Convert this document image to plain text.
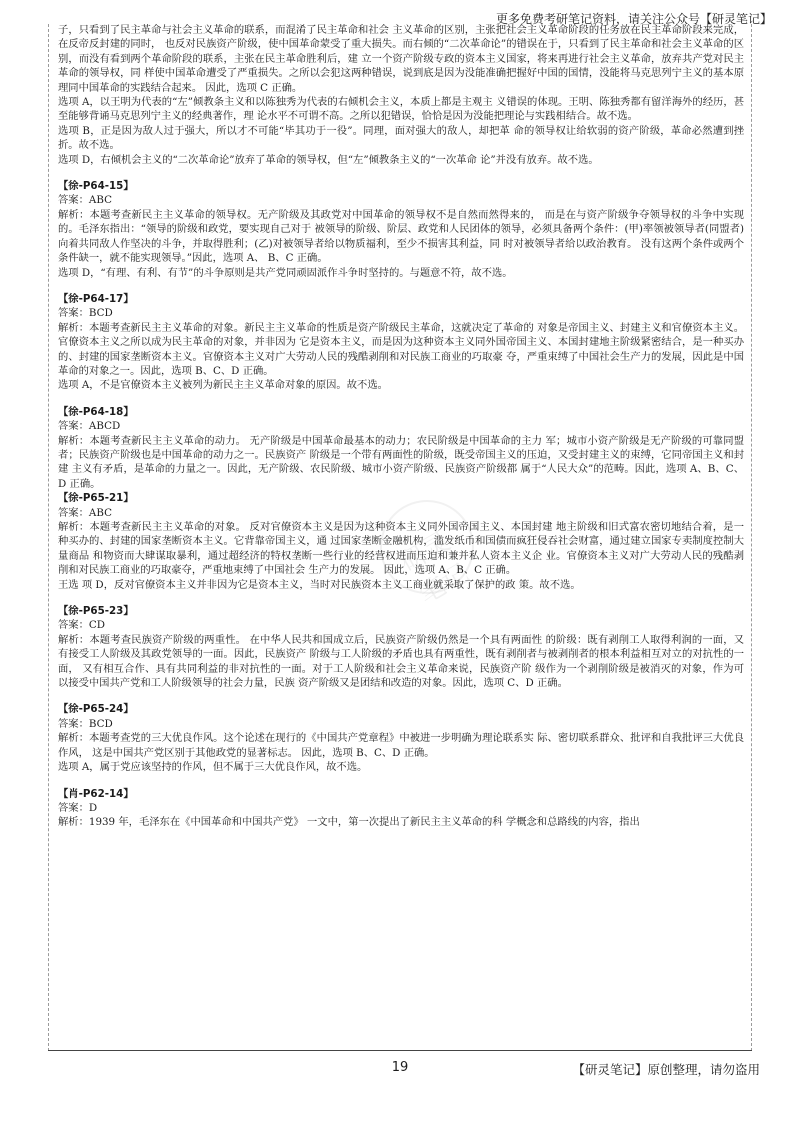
更多免费考研笔记资料，请关注公众号【研灵笔记】
研灵笔记

子，只看到了民主革命与社会主义革命的联系，而混淆了民主革命和社会 主义革命的区别，主张把社会主义革命阶段的任务放在民主革命阶段来完成，在反帝反封建的同时， 也反对民族资产阶级，使中国革命蒙受了重大损失。而右倾的“二次革命论”的错误在于，只看到了民主革命和社会主义革命的区别，而没有看到两个革命阶段的联系，主张在民主革命胜利后，建 立一个资产阶级专政的资本主义国家，将来再进行社会主义革命，放弃共产党对民主革命的领导权，同 样使中国革命遭受了严重损失。之所以会犯这两种错误，说到底是因为没能准确把握好中国的国情，没能将马克思列宁主义的基本原理同中国革命的实践结合起来。 因此，选项 C 正确。

选项 A，以王明为代表的“左”倾教条主义和以陈独秀为代表的右倾机会主义，本质上都是主观主 义错误的体现。王明、陈独秀都有留洋海外的经历，甚至能够背诵马克思列宁主义的经典著作，理 论水平不可谓不高。之所以犯错误，恰恰是因为没能把理论与实践相结合。故不选。

选项 B，正是因为敌人过于强大，所以才不可能“毕其功于一役”。同理，面对强大的敌人，却把革 命的领导权让给软弱的资产阶级，革命必然遭到挫折。故不选。

选项 D，右倾机会主义的“二次革命论”放弃了革命的领导权，但“左”倾教条主义的“一次革命 论”并没有放弃。故不选。

【徐-P64-15】

答案：ABC

解析：本题考查新民主主义革命的领导权。无产阶级及其政党对中国革命的领导权不是自然而然得来的， 而是在与资产阶级争夺领导权的斗争中实现的。毛泽东指出：“领导的阶级和政党，要实现自己对于 被领导的阶级、阶层、政党和人民团体的领导，必须具备两个条件：(甲)率领被领导者(同盟者) 向着共同敌人作坚决的斗争，并取得胜利；(乙)对被领导者给以物质福利，至少不损害其利益，同 时对被领导者给以政治教育。 没有这两个条件或两个条件缺一，就不能实现领导。”因此，选项 A、 B、C 正确。

选项 D，“有理、有利、有节”的斗争原则是共产党同顽固派作斗争时坚持的。与题意不符，故不选。

【徐-P64-17】

答案：BCD

解析：本题考查新民主主义革命的对象。新民主主义革命的性质是资产阶级民主革命，这就决定了革命的 对象是帝国主义、封建主义和官僚资本主义。 官僚资本主义之所以成为民主革命的对象，并非因为 它是资本主义，而是因为这种资本主义同外国帝国主义、本国封建地主阶级紧密结合，是一种买办 的、封建的国家垄断资本主义。官僚资本主义对广大劳动人民的残酷剥削和对民族工商业的巧取豪 夺，严重束缚了中国社会生产力的发展，因此是中国革命的对象之一。因此，选项 B、C、D 正确。

选项 A，不是官僚资本主义被列为新民主主义革命对象的原因。故不选。

【徐-P64-18】

答案：ABCD

解析：本题考查新民主主义革命的动力。 无产阶级是中国革命最基本的动力；农民阶级是中国革命的主力 军；城市小资产阶级是无产阶级的可靠同盟者；民族资产阶级也是中国革命的动力之一。民族资产 阶级是一个带有两面性的阶级，既受帝国主义的压迫，又受封建主义的束缚，它同帝国主义和封建 主义有矛盾，是革命的力量之一。因此，无产阶级、农民阶级、城市小资产阶级、民族资产阶级都 属于“人民大众”的范畴。因此，选项 A、B、C、D 正确。

【徐-P65-21】

答案：ABC

解析：本题考查新民主主义革命的对象。 反对官僚资本主义是因为这种资本主义同外国帝国主义、本国封建 地主阶级和旧式富农密切地结合着，是一种买办的、封建的国家垄断资本主义。它背靠帝国主义，通 过国家垄断金融机构，滥发纸币和国债而疯狂侵吞社会财富，通过建立国家专卖制度控制大量商品 和物资而大肆谋取暴利，通过超经济的特权垄断一些行业的经营权进而压迫和兼并私人资本主义企 业。官僚资本主义对广大劳动人民的残酷剥削和对民族工商业的巧取豪夺，严重地束缚了中国社会 生产力的发展。 因此，选项 A、B、C 正确。

王选 项 D，反对官僚资本主义并非因为它是资本主义，当时对民族资本主义工商业就采取了保护的政 策。故不选。

【徐-P65-23】

答案：CD

解析：本题考查民族资产阶级的两重性。 在中华人民共和国成立后，民族资产阶级仍然是一个具有两面性 的阶级：既有剥削工人取得利润的一面，又有接受工人阶级及其政党领导的一面。因此，民族资产 阶级与工人阶级的矛盾也具有两重性，既有剥削者与被剥削者的根本利益相互对立的对抗性的一面， 又有相互合作、具有共同利益的非对抗性的一面。对于工人阶级和社会主义革命来说，民族资产阶 级作为一个剥削阶级是被消灭的对象，作为可以接受中国共产党和工人阶级领导的社会力量，民族 资产阶级又是团结和改造的对象。因此，选项 C、D 正确。

【徐-P65-24】

答案：BCD

解析：本题考查党的三大优良作风。这个论述在现行的《中国共产党章程》中被进一步明确为理论联系实 际、密切联系群众、批评和自我批评三大优良作风， 这是中国共产党区别于其他政党的显著标志。 因此，选项 B、C、D 正确。

选项 A，属于党应该坚持的作风，但不属于三大优良作风，故不选。

【肖-P62-14】

答案：D

解析：1939 年，毛泽东在《中国革命和中国共产党》 一文中，第一次提出了新民主主义革命的科 学概念和总路线的内容，指出

19	【研灵笔记】原创整理，请勿盗用
